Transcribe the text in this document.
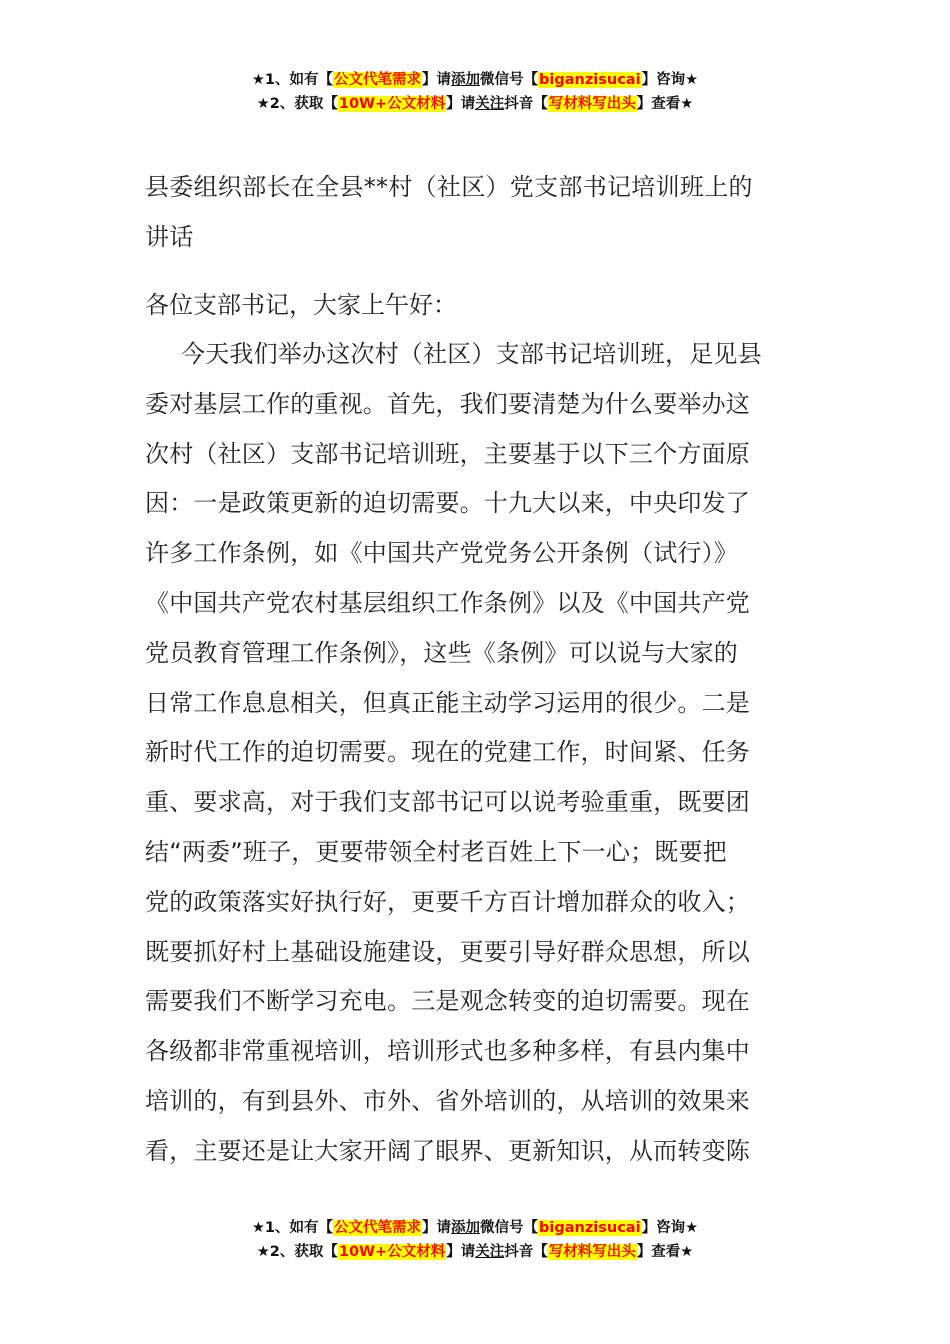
★1、如有【公文代笔需求】请添加微信号【biganzisucai】咨询★
★2、获取【10W+公文材料】请关注抖音【写材料写出头】查看★
县委组织部长在全县**村（社区）党支部书记培训班上的
讲话

各位支部书记，大家上午好：

今天我们举办这次村（社区）支部书记培训班，足见县
委对基层工作的重视。首先，我们要清楚为什么要举办这
次村（社区）支部书记培训班，主要基于以下三个方面原
因：一是政策更新的迫切需要。十九大以来，中央印发了
许多工作条例，如《中国共产党党务公开条例（试行）》
《中国共产党农村基层组织工作条例》以及《中国共产党
党员教育管理工作条例》，这些《条例》可以说与大家的
日常工作息息相关，但真正能主动学习运用的很少。二是
新时代工作的迫切需要。现在的党建工作，时间紧、任务
重、要求高，对于我们支部书记可以说考验重重，既要团
结“两委”班子，更要带领全村老百姓上下一心；既要把
党的政策落实好执行好，更要千方百计增加群众的收入；
既要抓好村上基础设施建设，更要引导好群众思想，所以
需要我们不断学习充电。三是观念转变的迫切需要。现在
各级都非常重视培训，培训形式也多种多样，有县内集中
培训的，有到县外、市外、省外培训的，从培训的效果来
看，主要还是让大家开阔了眼界、更新知识，从而转变陈
★1、如有【公文代笔需求】请添加微信号【biganzisucai】咨询★
★2、获取【10W+公文材料】请关注抖音【写材料写出头】查看★
